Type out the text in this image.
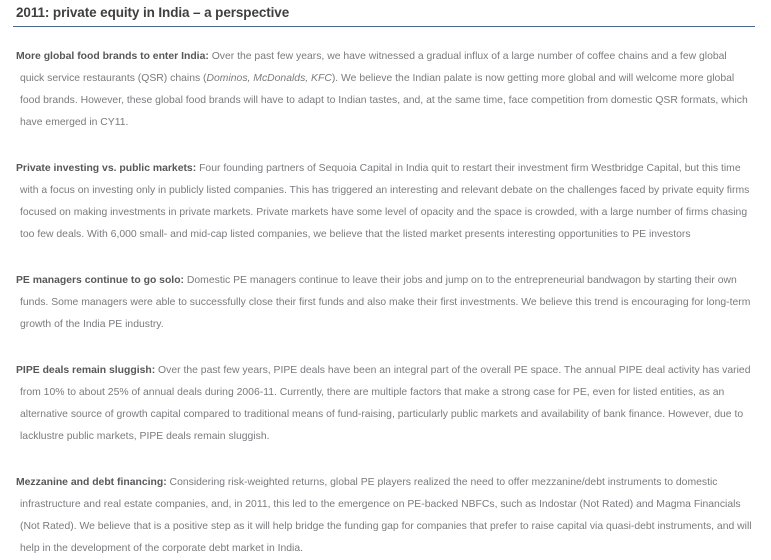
2011: private equity in India – a perspective

More global food brands to enter India: Over the past few years, we have witnessed a gradual influx of a large number of coffee chains and a few global quick service restaurants (QSR) chains (Dominos, McDonalds, KFC). We believe the Indian palate is now getting more global and will welcome more global food brands. However, these global food brands will have to adapt to Indian tastes, and, at the same time, face competition from domestic QSR formats, which have emerged in CY11.

Private investing vs. public markets: Four founding partners of Sequoia Capital in India quit to restart their investment firm Westbridge Capital, but this time with a focus on investing only in publicly listed companies. This has triggered an interesting and relevant debate on the challenges faced by private equity firms focused on making investments in private markets. Private markets have some level of opacity and the space is crowded, with a large number of firms chasing too few deals. With 6,000 small- and mid-cap listed companies, we believe that the listed market presents interesting opportunities to PE investors

PE managers continue to go solo: Domestic PE managers continue to leave their jobs and jump on to the entrepreneurial bandwagon by starting their own funds. Some managers were able to successfully close their first funds and also make their first investments. We believe this trend is encouraging for long-term growth of the India PE industry.

PIPE deals remain sluggish: Over the past few years, PIPE deals have been an integral part of the overall PE space. The annual PIPE deal activity has varied from 10% to about 25% of annual deals during 2006-11. Currently, there are multiple factors that make a strong case for PE, even for listed entities, as an alternative source of growth capital compared to traditional means of fund-raising, particularly public markets and availability of bank finance. However, due to lacklustre public markets, PIPE deals remain sluggish.

Mezzanine and debt financing: Considering risk-weighted returns, global PE players realized the need to offer mezzanine/debt instruments to domestic infrastructure and real estate companies, and, in 2011, this led to the emergence on PE-backed NBFCs, such as Indostar (Not Rated) and Magma Financials (Not Rated). We believe that is a positive step as it will help bridge the funding gap for companies that prefer to raise capital via quasi-debt instruments, and will help in the development of the corporate debt market in India.
